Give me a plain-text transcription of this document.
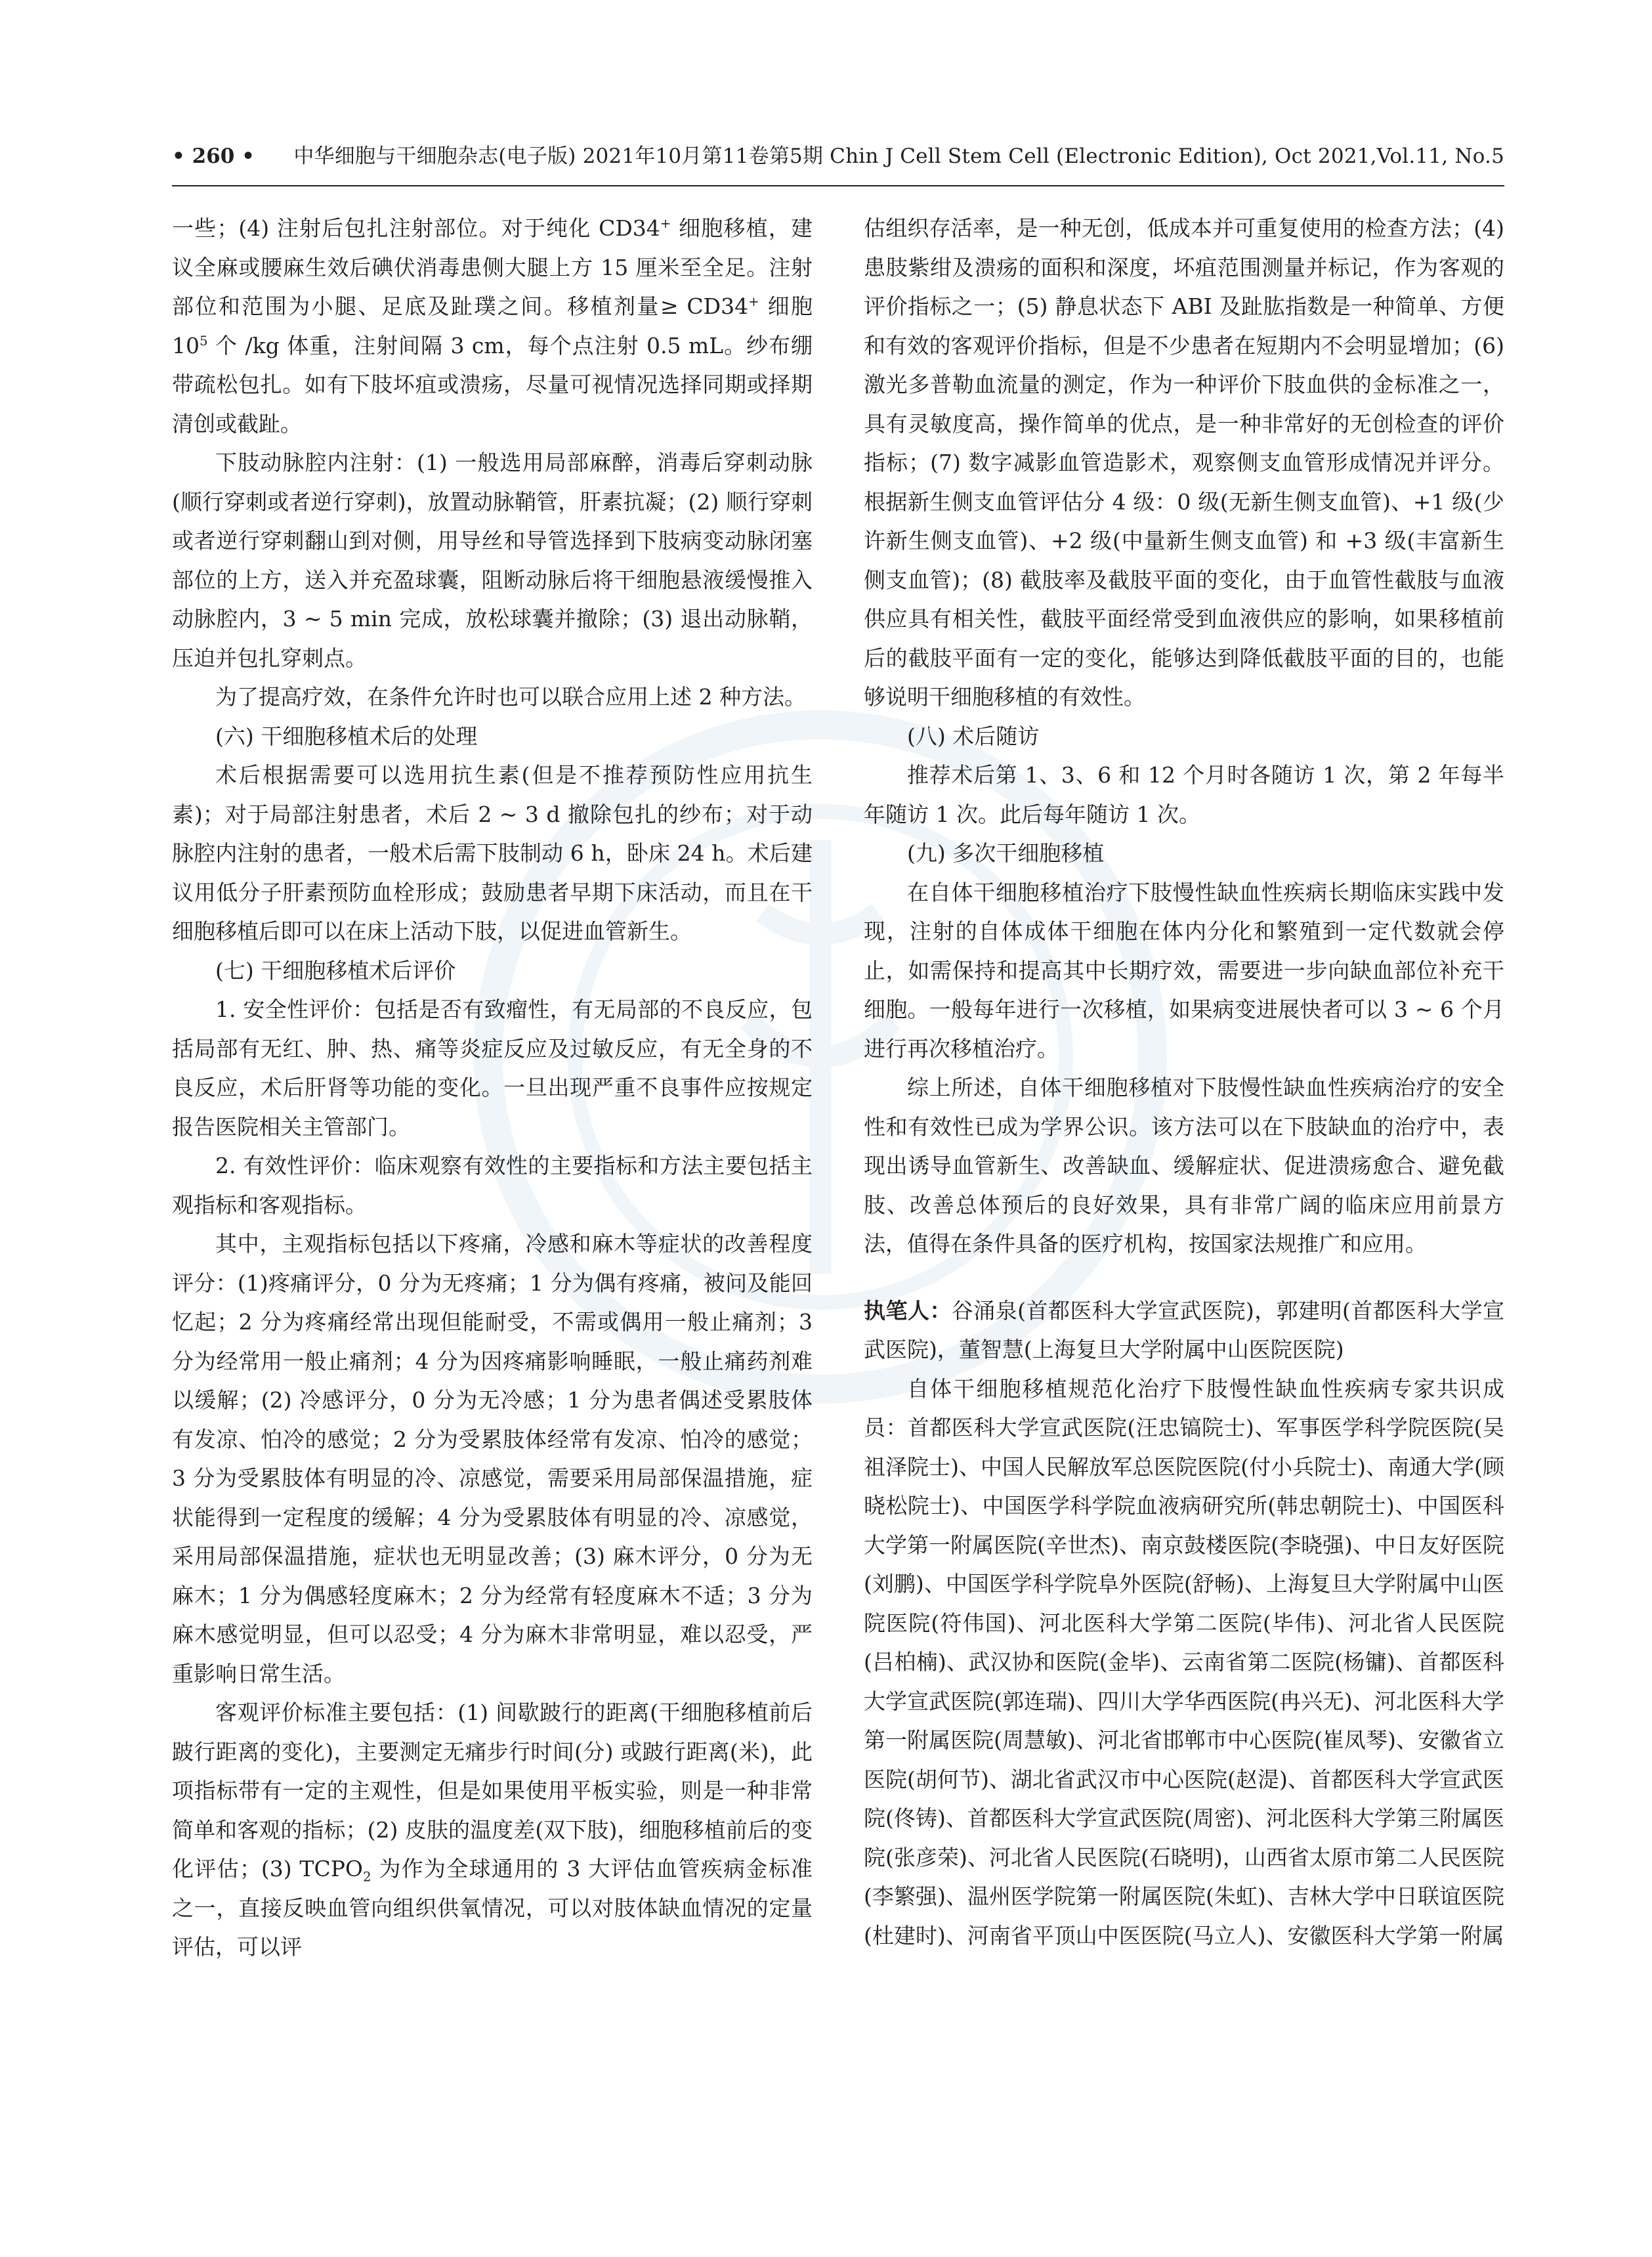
• 260 • 中华细胞与干细胞杂志(电子版) 2021年10月第11卷第5期 Chin J Cell Stem Cell (Electronic Edition), Oct 2021,Vol.11, No.5

一些；(4) 注射后包扎注射部位。对于纯化 CD34+ 细胞移植，建议全麻或腰麻生效后碘伏消毒患侧大腿上方 15 厘米至全足。注射部位和范围为小腿、足底及趾璞之间。移植剂量≥ CD34+ 细胞 $10^5$ 个 /kg 体重，注射间隔 3 cm，每个点注射 0.5 mL。纱布绷带疏松包扎。如有下肢坏疽或溃疡，尽量可视情况选择同期或择期清创或截趾。

下肢动脉腔内注射：(1) 一般选用局部麻醉，消毒后穿刺动脉(顺行穿刺或者逆行穿刺)，放置动脉鞘管，肝素抗凝；(2) 顺行穿刺或者逆行穿刺翻山到对侧，用导丝和导管选择到下肢病变动脉闭塞部位的上方，送入并充盈球囊，阻断动脉后将干细胞悬液缓慢推入动脉腔内，3 ~ 5 min 完成，放松球囊并撤除；(3) 退出动脉鞘，压迫并包扎穿刺点。

为了提高疗效，在条件允许时也可以联合应用上述 2 种方法。

(六) 干细胞移植术后的处理

术后根据需要可以选用抗生素(但是不推荐预防性应用抗生素)；对于局部注射患者，术后 2 ~ 3 d 撤除包扎的纱布；对于动脉腔内注射的患者，一般术后需下肢制动 6 h，卧床 24 h。术后建议用低分子肝素预防血栓形成；鼓励患者早期下床活动，而且在干细胞移植后即可以在床上活动下肢，以促进血管新生。

(七) 干细胞移植术后评价

1. 安全性评价：包括是否有致瘤性，有无局部的不良反应，包括局部有无红、肿、热、痛等炎症反应及过敏反应，有无全身的不良反应，术后肝肾等功能的变化。一旦出现严重不良事件应按规定报告医院相关主管部门。

2. 有效性评价：临床观察有效性的主要指标和方法主要包括主观指标和客观指标。

其中，主观指标包括以下疼痛，冷感和麻木等症状的改善程度评分：(1)疼痛评分，0 分为无疼痛；1 分为偶有疼痛，被问及能回忆起；2 分为疼痛经常出现但能耐受，不需或偶用一般止痛剂；3 分为经常用一般止痛剂；4 分为因疼痛影响睡眠，一般止痛药剂难以缓解；(2) 冷感评分，0 分为无冷感；1 分为患者偶述受累肢体有发凉、怕冷的感觉；2 分为受累肢体经常有发凉、怕冷的感觉；3 分为受累肢体有明显的冷、凉感觉，需要采用局部保温措施，症状能得到一定程度的缓解；4 分为受累肢体有明显的冷、凉感觉，采用局部保温措施，症状也无明显改善；(3) 麻木评分，0 分为无麻木；1 分为偶感轻度麻木；2 分为经常有轻度麻木不适；3 分为麻木感觉明显，但可以忍受；4 分为麻木非常明显，难以忍受，严重影响日常生活。

客观评价标准主要包括：(1) 间歇跛行的距离(干细胞移植前后跛行距离的变化)，主要测定无痛步行时间(分) 或跛行距离(米)，此项指标带有一定的主观性，但是如果使用平板实验，则是一种非常简单和客观的指标；(2) 皮肤的温度差(双下肢)，细胞移植前后的变化评估；(3) $TCPO_2$ 为作为全球通用的 3 大评估血管疾病金标准之一，直接反映血管向组织供氧情况，可以对肢体缺血情况的定量评估，可以评

估组织存活率，是一种无创，低成本并可重复使用的检查方法；(4) 患肢紫绀及溃疡的面积和深度，坏疽范围测量并标记，作为客观的评价指标之一；(5) 静息状态下 ABI 及趾肱指数是一种简单、方便和有效的客观评价指标，但是不少患者在短期内不会明显增加；(6) 激光多普勒血流量的测定，作为一种评价下肢血供的金标准之一，具有灵敏度高，操作简单的优点，是一种非常好的无创检查的评价指标；(7) 数字减影血管造影术，观察侧支血管形成情况并评分。根据新生侧支血管评估分 4 级：0 级(无新生侧支血管)、+1 级(少许新生侧支血管)、+2 级(中量新生侧支血管) 和 +3 级(丰富新生侧支血管)；(8) 截肢率及截肢平面的变化，由于血管性截肢与血液供应具有相关性，截肢平面经常受到血液供应的影响，如果移植前后的截肢平面有一定的变化，能够达到降低截肢平面的目的，也能够说明干细胞移植的有效性。

(八) 术后随访

推荐术后第 1、3、6 和 12 个月时各随访 1 次，第 2 年每半年随访 1 次。此后每年随访 1 次。

(九) 多次干细胞移植

在自体干细胞移植治疗下肢慢性缺血性疾病长期临床实践中发现，注射的自体成体干细胞在体内分化和繁殖到一定代数就会停止，如需保持和提高其中长期疗效，需要进一步向缺血部位补充干细胞。一般每年进行一次移植，如果病变进展快者可以 3 ~ 6 个月进行再次移植治疗。

综上所述，自体干细胞移植对下肢慢性缺血性疾病治疗的安全性和有效性已成为学界公识。该方法可以在下肢缺血的治疗中，表现出诱导血管新生、改善缺血、缓解症状、促进溃疡愈合、避免截肢、改善总体预后的良好效果，具有非常广阔的临床应用前景方法，值得在条件具备的医疗机构，按国家法规推广和应用。

执笔人：谷涌泉(首都医科大学宣武医院)，郭建明(首都医科大学宣武医院)，董智慧(上海复旦大学附属中山医院医院)

自体干细胞移植规范化治疗下肢慢性缺血性疾病专家共识成员：首都医科大学宣武医院(汪忠镐院士)、军事医学科学院医院(吴祖泽院士)、中国人民解放军总医院医院(付小兵院士)、南通大学(顾晓松院士)、中国医学科学院血液病研究所(韩忠朝院士)、中国医科大学第一附属医院(辛世杰)、南京鼓楼医院(李晓强)、中日友好医院(刘鹏)、中国医学科学院阜外医院(舒畅)、上海复旦大学附属中山医院医院(符伟国)、河北医科大学第二医院(毕伟)、河北省人民医院(吕柏楠)、武汉协和医院(金毕)、云南省第二医院(杨镛)、首都医科大学宣武医院(郭连瑞)、四川大学华西医院(冉兴无)、河北医科大学第一附属医院(周慧敏)、河北省邯郸市中心医院(崔凤琴)、安徽省立医院(胡何节)、湖北省武汉市中心医院(赵湜)、首都医科大学宣武医院(佟铸)、首都医科大学宣武医院(周密)、河北医科大学第三附属医院(张彦荣)、河北省人民医院(石晓明)，山西省太原市第二人民医院(李繁强)、温州医学院第一附属医院(朱虹)、吉林大学中日联谊医院(杜建时)、河南省平顶山中医医院(马立人)、安徽医科大学第一附属
